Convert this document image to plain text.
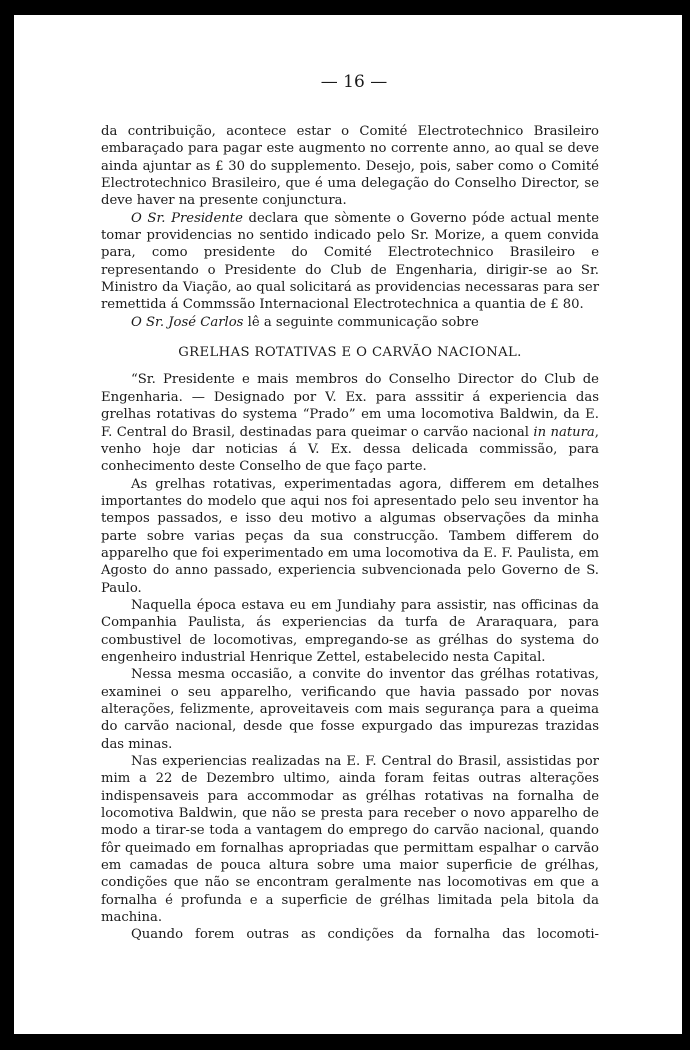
— 16 —

da contribuição, acontece estar o Comité Electrotechnico Brasileiro embaraçado para pagar este augmento no corrente anno, ao qual se deve ainda ajuntar as £ 30 do supplemento. Desejo, pois, saber como o Comité Electrotechnico Brasileiro, que é uma delegação do Conselho Director, se deve haver na presente conjunctura.

O Sr. Presidente declara que sòmente o Governo póde actual mente tomar providencias no sentido indicado pelo Sr. Morize, a quem convida para, como presidente do Comité Electrotechnico Brasileiro e representando o Presidente do Club de Engenharia, dirigir-se ao Sr. Ministro da Viação, ao qual solicitará as providencias necessaras para ser remettida á Commssão Internacional Electrotechnica a quantia de £ 80.

O Sr. José Carlos lê a seguinte communicação sobre

GRELHAS ROTATIVAS E O CARVÃO NACIONAL.

“Sr. Presidente e mais membros do Conselho Director do Club de Engenharia. — Designado por V. Ex. para asssitir á experiencia das grelhas rotativas do systema “Prado” em uma locomotiva Baldwin, da E. F. Central do Brasil, destinadas para queimar o carvão nacional in natura, venho hoje dar noticias á V. Ex. dessa delicada commissão, para conhecimento deste Conselho de que faço parte.

As grelhas rotativas, experimentadas agora, differem em detalhes importantes do modelo que aqui nos foi apresentado pelo seu inventor ha tempos passados, e isso deu motivo a algumas observações da minha parte sobre varias peças da sua construcção. Tambem differem do apparelho que foi experimentado em uma locomotiva da E. F. Paulista, em Agosto do anno passado, experiencia subvencionada pelo Governo de S. Paulo.

Naquella época estava eu em Jundiahy para assistir, nas officinas da Companhia Paulista, ás experiencias da turfa de Araraquara, para combustivel de locomotivas, empregando-se as grélhas do systema do engenheiro industrial Henrique Zettel, estabelecido nesta Capital.

Nessa mesma occasião, a convite do inventor das grélhas rotativas, examinei o seu apparelho, verificando que havia passado por novas alterações, felizmente, aproveitaveis com mais segurança para a queima do carvão nacional, desde que fosse expurgado das impurezas trazidas das minas.

Nas experiencias realizadas na E. F. Central do Brasil, assistidas por mim a 22 de Dezembro ultimo, ainda foram feitas outras alterações indispensaveis para accommodar as grélhas rotativas na fornalha de locomotiva Baldwin, que não se presta para receber o novo apparelho de modo a tirar-se toda a vantagem do emprego do carvão nacional, quando fôr queimado em fornalhas apropriadas que permittam espalhar o carvão em camadas de pouca altura sobre uma maior superficie de grélhas, condições que não se encontram geralmente nas locomotivas em que a fornalha é profunda e a superficie de grélhas limitada pela bitola da machina.

Quando forem outras as condições da fornalha das locomoti-
